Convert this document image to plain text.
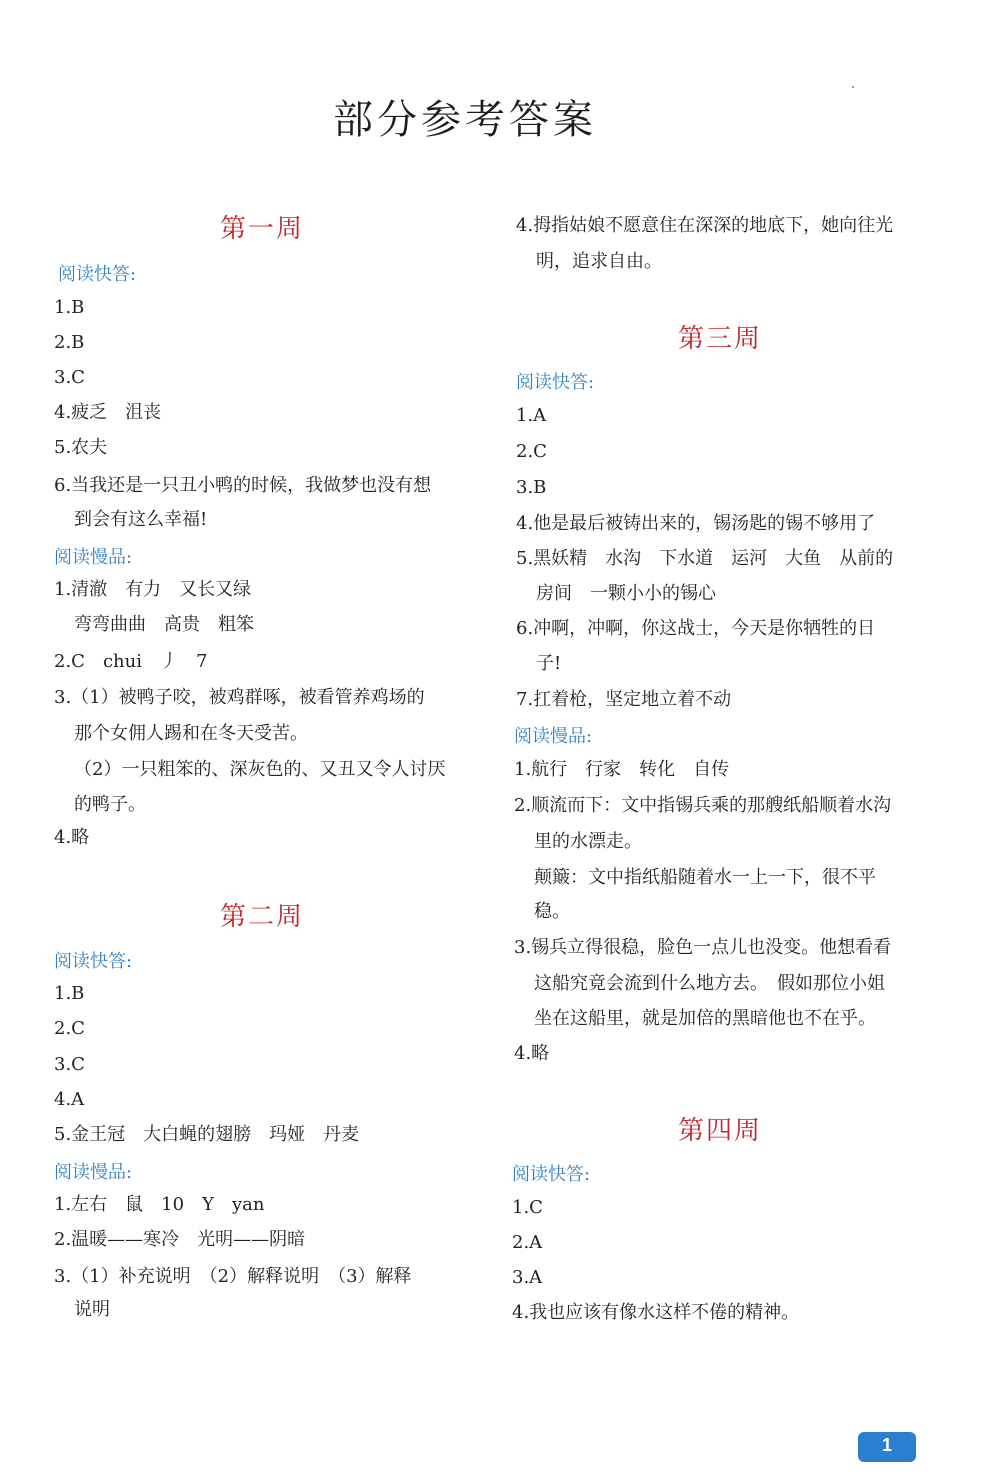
部分参考答案
第一周
阅读快答:
1.B
2.B
3.C
4.疲乏　沮丧
5.农夫
6.当我还是一只丑小鸭的时候，我做梦也没有想
到会有这么幸福!
阅读慢品:
1.清澈　有力　又长又绿
弯弯曲曲　高贵　粗笨
2.C　chui　丿　7
3.（1）被鸭子咬，被鸡群啄，被看管养鸡场的
那个女佣人踢和在冬天受苦。
（2）一只粗笨的、深灰色的、又丑又令人讨厌
的鸭子。
4.略
第二周
阅读快答:
1.B
2.C
3.C
4.A
5.金王冠　大白蝇的翅膀　玛娅　丹麦
阅读慢品:
1.左右　鼠　10　Y　yan
2.温暖——寒冷　光明——阴暗
3.（1）补充说明　（2）解释说明　（3）解释
说明
4.拇指姑娘不愿意住在深深的地底下，她向往光
明，追求自由。
第三周
阅读快答:
1.A
2.C
3.B
4.他是最后被铸出来的，锡汤匙的锡不够用了
5.黑妖精　水沟　下水道　运河　大鱼　从前的
房间　一颗小小的锡心
6.冲啊，冲啊，你这战士，今天是你牺牲的日
子!
7.扛着枪，坚定地立着不动
阅读慢品:
1.航行　行家　转化　自传
2.顺流而下：文中指锡兵乘的那艘纸船顺着水沟
里的水漂走。
颠簸：文中指纸船随着水一上一下，很不平
稳。
3.锡兵立得很稳，脸色一点儿也没变。他想看看
这船究竟会流到什么地方去。　假如那位小姐
坐在这船里，就是加倍的黑暗他也不在乎。
4.略
第四周
阅读快答:
1.C
2.A
3.A
4.我也应该有像水这样不倦的精神。
1
